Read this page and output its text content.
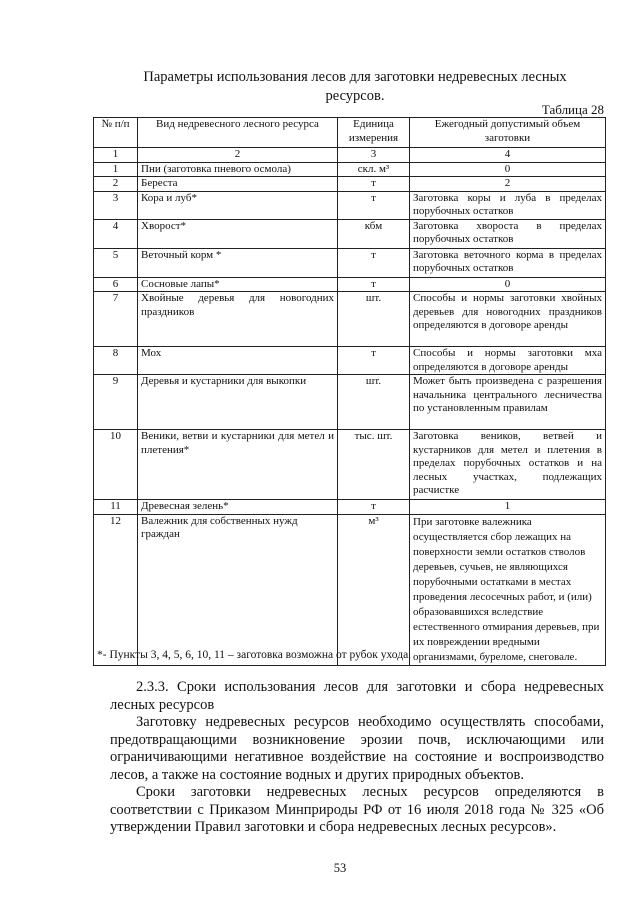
Параметры использования лесов для заготовки недревесных лесных ресурсов.
Таблица 28
№ п/п	Вид недревесного лесного ресурса	Единица измерения	Ежегодный допустимый объем заготовки
1	2	3	4
1	Пни (заготовка пневого осмола)	скл. м³	0
2	Береста	т	2
3	Кора и луб*	т	Заготовка коры и луба в пределах порубочных остатков
4	Хворост*	кбм	Заготовка хвороста в пределах порубочных остатков
5	Веточный корм *	т	Заготовка веточного корма в пределах порубочных остатков
6	Сосновые лапы*	т	0
7	Хвойные деревья для новогодних праздников	шт.	Способы и нормы заготовки хвойных деревьев для новогодних праздников определяются в договоре аренды
8	Мох	т	Способы и нормы заготовки мха определяются в договоре аренды
9	Деревья и кустарники для выкопки	шт.	Может быть произведена с разрешения начальника центрального лесничества по установленным правилам
10	Веники, ветви и кустарники для метел и плетения*	тыс. шт.	Заготовка веников, ветвей и кустарников для метел и плетения в пределах порубочных остатков и на лесных участках, подлежащих расчистке
11	Древесная зелень*	т	1
12	Валежник для собственных нужд граждан	м³	При заготовке валежника осуществляется сбор лежащих на поверхности земли остатков стволов деревьев, сучьев, не являющихся порубочными остатками в местах проведения лесосечных работ, и (или) образовавшихся вследствие естественного отмирания деревьев, при их повреждении вредными организмами, буреломе, снеговале.
*- Пункты 3, 4, 5, 6, 10, 11 – заготовка возможна от рубок ухода.

2.3.3. Сроки использования лесов для заготовки и сбора недревесных лесных ресурсов

Заготовку недревесных ресурсов необходимо осуществлять способами, предотвращающими возникновение эрозии почв, исключающими или ограничивающими негативное воздействие на состояние и воспроизводство лесов, а также на состояние водных и других природных объектов.

Сроки заготовки недревесных лесных ресурсов определяются в соответствии с Приказом Минприроды РФ от 16 июля 2018 года № 325 «Об утверждении Правил заготовки и сбора недревесных лесных ресурсов».

53
